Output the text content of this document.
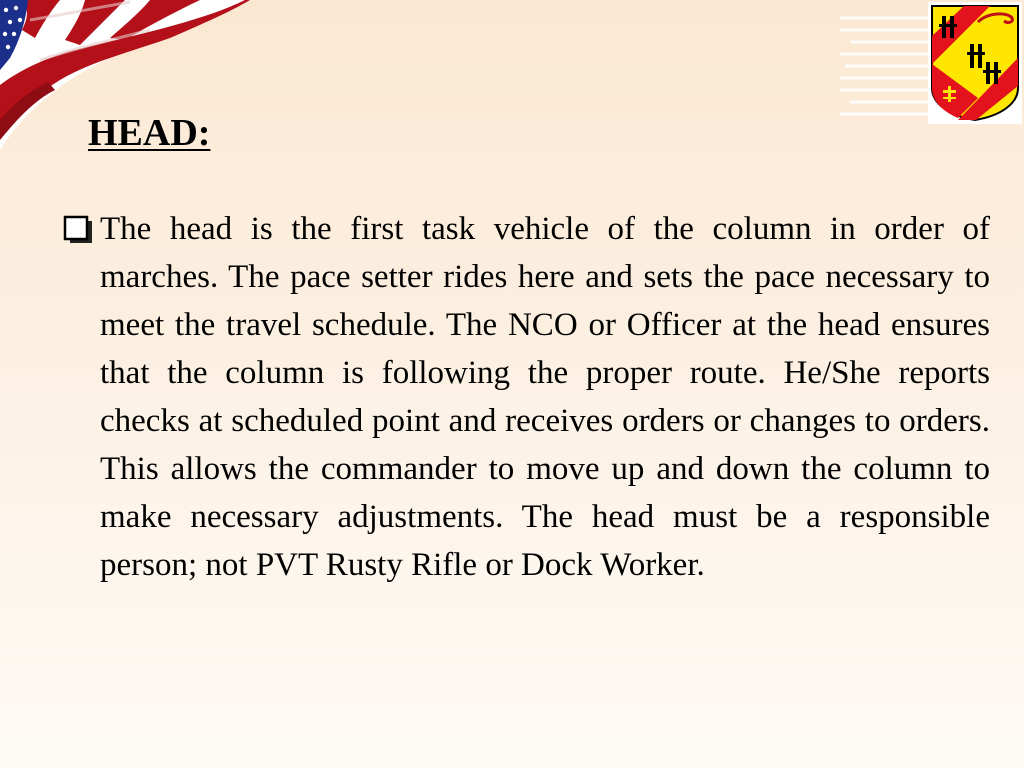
HEAD:

The head is the first task vehicle of the column in order of marches. The pace setter rides here and sets the pace necessary to meet the travel schedule. The NCO or Officer at the head ensures that the column is following the proper route. He/She reports checks at scheduled point and receives orders or changes to orders. This allows the commander to move up and down the column to make necessary adjustments. The head must be a responsible person; not PVT Rusty Rifle or Dock Worker.
